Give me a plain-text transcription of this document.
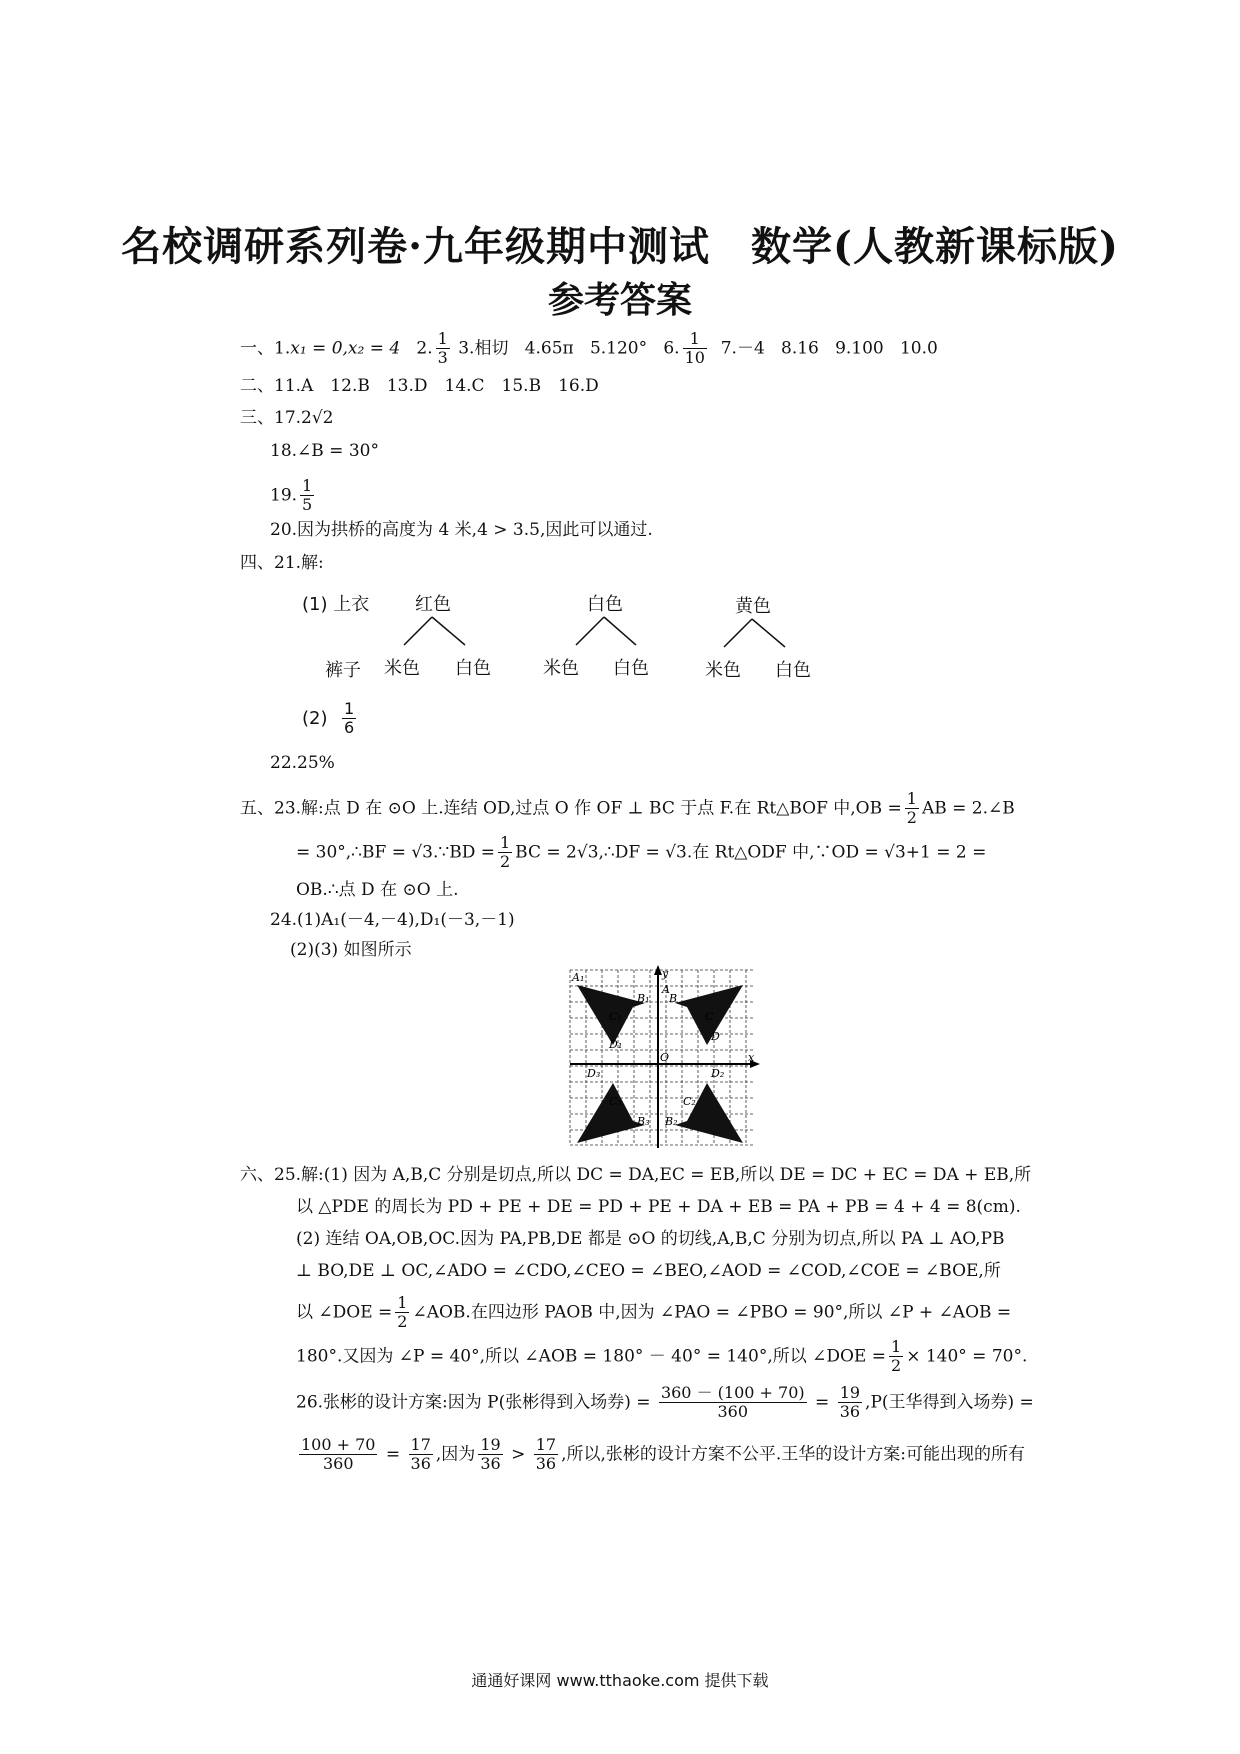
名校调研系列卷·九年级期中测试　数学(人教新课标版)
参考答案
一、1.x₁ = 0,x₂ = 4 2. $\frac{1}{3} 3$.相切 4.65π 5.120° 6. $\frac{1}{10} 7.-4$ 8.16 9.100 10.0
二、11.A　12.B　13.D　14.C　15.B　16.D
三、17.2√2
18.∠B = 30°
19. $\frac{1}{5}$
20.因为拱桥的高度为 4 米,4 > 3.5,因此可以通过.
四、21.解:
(1) 上衣
裤子
红色	白色	黄色
米色 白色	米色 白色	米色 白色
$(2) \frac{1}{6}$
22.25%
五、23.解:点 D 在 ⊙O 上.连结 OD,过点 O 作 OF ⊥ BC 于点 F.在 Rt△BOF 中$,OB = \frac{1}{2}$ AB = 2.∠B
= 30°,∴BF = √3.∵BD = $\frac{1}{2}$ BC = 2√3,∴DF = √3.在 Rt△ODF 中,∵OD = √3+1 = 2 =
OB.∴点 D 在 ⊙O 上.
24.(1)A₁(－4,－4),D₁(－3,－1)
(2)(3) 如图所示
A₁
B₁
C₁
D₁
B
C
D
O	x
y
C₂
D₂
B₂
C₃
D₃
B₃
A
六、25.解:(1) 因为 A,B,C 分别是切点,所以 DC = DA,EC = EB,所以 DE = DC + EC = DA + EB,所
以 △PDE 的周长为 PD + PE + DE = PD + PE + DA + EB = PA + PB = 4 + 4 = 8(cm).
(2) 连结 OA,OB,OC.因为 PA,PB,DE 都是 ⊙O 的切线,A,B,C 分别为切点,所以 PA ⊥ AO,PB
⊥ BO,DE ⊥ OC,∠ADO = ∠CDO,∠CEO = ∠BEO,∠AOD = ∠COD,∠COE = ∠BOE,所
以 ∠DOE = $\frac{1}{2}$ ∠AOB.在四边形 PAOB 中,因为 ∠PAO = ∠PBO = 90°,所以 ∠P + ∠AOB =
180°.又因为 ∠P = 40°,所以 ∠AOB = 180° － 40° = 140°,所以 ∠DOE = $\frac{1}{2} \times 140^\circ = 70^\circ$.
26.张彬的设计方案:因为 P(张彬得到入场券) = $\frac{360 - (100 + 70)}{360} = \frac{19}{36} ,P$(王华得到入场券) =
$\frac{100 + 70}{360} = \frac{17}{36}$ ,因为 $\frac{19}{36} > \frac{17}{36}$ ,所以,张彬的设计方案不公平.王华的设计方案:可能出现的所有
通通好课网 www.tthaoke.com 提供下载
